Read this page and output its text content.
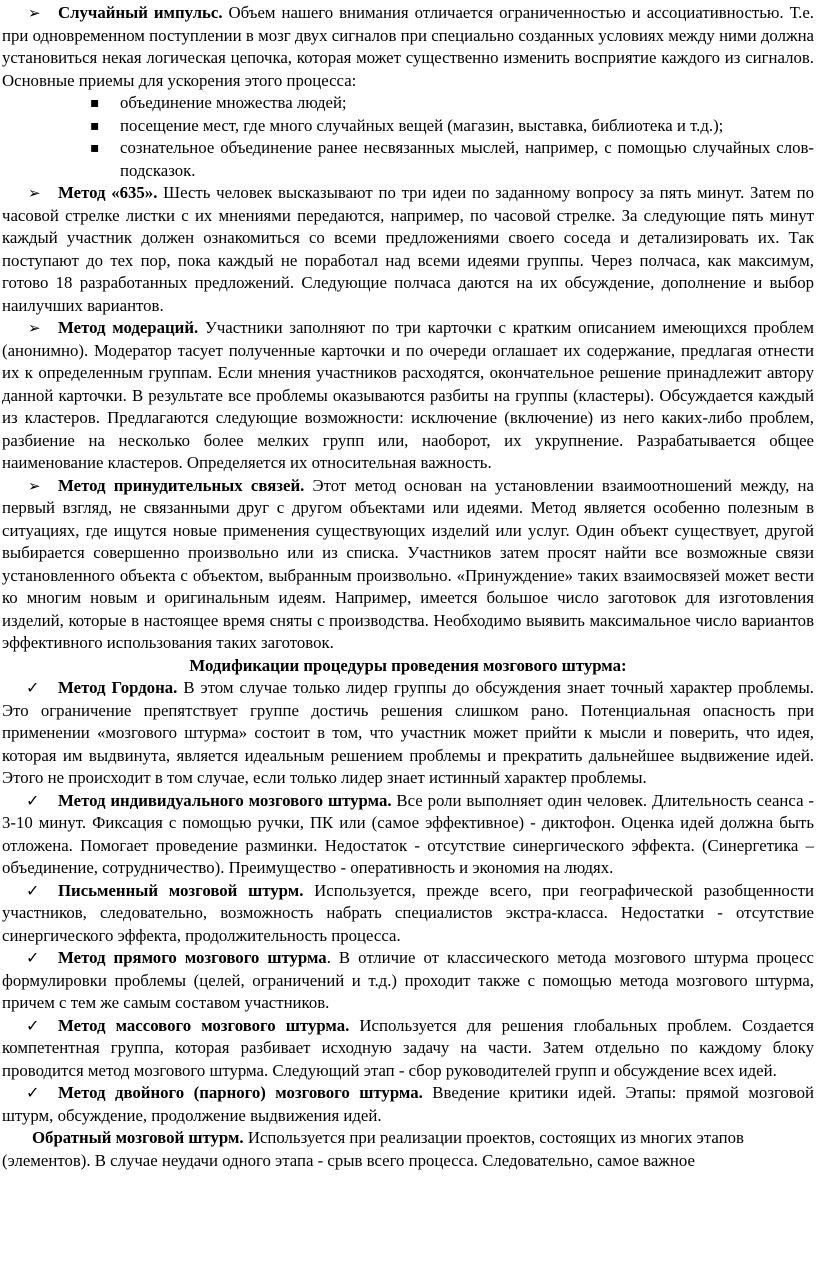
➢ Случайный импульс. Объем нашего внимания отличается ограниченностью и ассоциативностью. Т.е. при одновременном поступлении в мозг двух сигналов при специально созданных условиях между ними должна установиться некая логическая цепочка, которая может существенно изменить восприятие каждого из сигналов. Основные приемы для ускорения этого процесса:

▪ объединение множества людей;
▪ посещение мест, где много случайных вещей (магазин, выставка, библиотека и т.д.);
▪ сознательное объединение ранее несвязанных мыслей, например, с помощью случайных слов-подсказок.

➢ Метод «635». Шесть человек высказывают по три идеи по заданному вопросу за пять минут. Затем по часовой стрелке листки с их мнениями передаются, например, по часовой стрелке. За следующие пять минут каждый участник должен ознакомиться со всеми предложениями своего соседа и детализировать их. Так поступают до тех пор, пока каждый не поработал над всеми идеями группы. Через полчаса, как максимум, готово 18 разработанных предложений. Следующие полчаса даются на их обсуждение, дополнение и выбор наилучших вариантов.

➢ Метод модераций. Участники заполняют по три карточки с кратким описанием имеющихся проблем (анонимно). Модератор тасует полученные карточки и по очереди оглашает их содержание, предлагая отнести их к определенным группам. Если мнения участников расходятся, окончательное решение принадлежит автору данной карточки. В результате все проблемы оказываются разбиты на группы (кластеры). Обсуждается каждый из кластеров. Предлагаются следующие возможности: исключение (включение) из него каких-либо проблем, разбиение на несколько более мелких групп или, наоборот, их укрупнение. Разрабатывается общее наименование кластеров. Определяется их относительная важность.

➢ Метод принудительных связей. Этот метод основан на установлении взаимоотношений между, на первый взгляд, не связанными друг с другом объектами или идеями. Метод является особенно полезным в ситуациях, где ищутся новые применения существующих изделий или услуг. Один объект существует, другой выбирается совершенно произвольно или из списка. Участников затем просят найти все возможные связи установленного объекта с объектом, выбранным произвольно. «Принуждение» таких взаимосвязей может вести ко многим новым и оригинальным идеям. Например, имеется большое число заготовок для изготовления изделий, которые в настоящее время сняты с производства. Необходимо выявить максимальное число вариантов эффективного использования таких заготовок.

Модификации процедуры проведения мозгового штурма:

✓ Метод Гордона. В этом случае только лидер группы до обсуждения знает точный характер проблемы. Это ограничение препятствует группе достичь решения слишком рано. Потенциальная опасность при применении «мозгового штурма» состоит в том, что участник может прийти к мысли и поверить, что идея, которая им выдвинута, является идеальным решением проблемы и прекратить дальнейшее выдвижение идей. Этого не происходит в том случае, если только лидер знает истинный характер проблемы.

✓ Метод индивидуального мозгового штурма. Все роли выполняет один человек. Длительность сеанса - 3-10 минут. Фиксация с помощью ручки, ПК или (самое эффективное) - диктофон. Оценка идей должна быть отложена. Помогает проведение разминки. Недостаток - отсутствие синергического эффекта. (Синергетика – объединение, сотрудничество). Преимущество - оперативность и экономия на людях.

✓ Письменный мозговой штурм. Используется, прежде всего, при географической разобщенности участников, следовательно, возможность набрать специалистов экстра-класса. Недостатки - отсутствие синергического эффекта, продолжительность процесса.

✓ Метод прямого мозгового штурма. В отличие от классического метода мозгового штурма процесс формулировки проблемы (целей, ограничений и т.д.) проходит также с помощью метода мозгового штурма, причем с тем же самым составом участников.

✓ Метод массового мозгового штурма. Используется для решения глобальных проблем. Создается компетентная группа, которая разбивает исходную задачу на части. Затем отдельно по каждому блоку проводится метод мозгового штурма. Следующий этап - сбор руководителей групп и обсуждение всех идей.

✓ Метод двойного (парного) мозгового штурма. Введение критики идей. Этапы: прямой мозговой штурм, обсуждение, продолжение выдвижения идей.

Обратный мозговой штурм. Используется при реализации проектов, состоящих из многих этапов (элементов). В случае неудачи одного этапа - срыв всего процесса. Следовательно, самое важное
